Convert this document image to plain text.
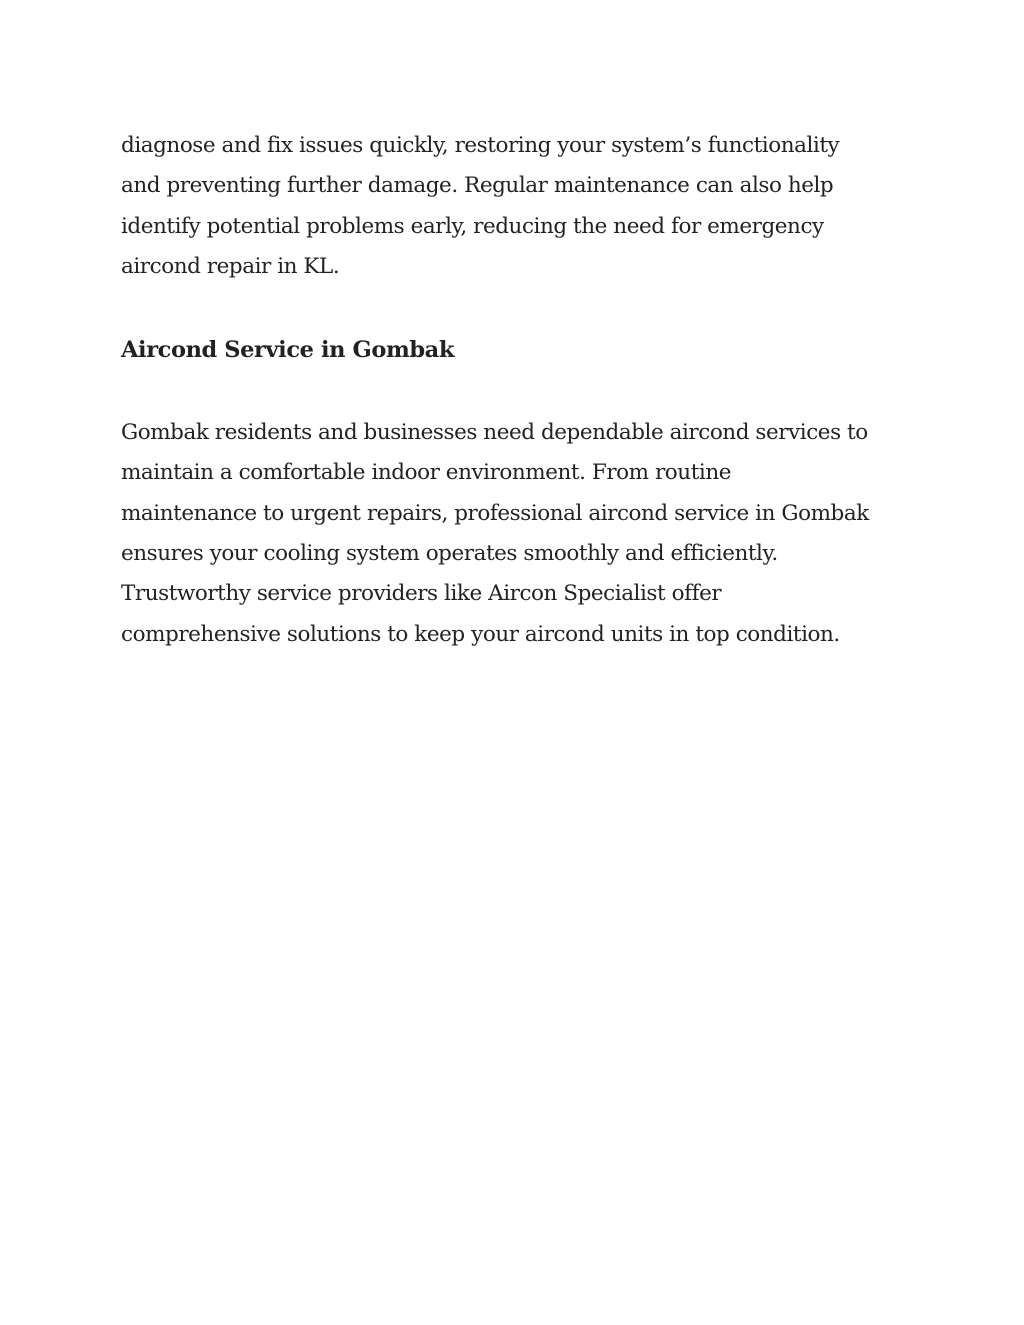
diagnose and fix issues quickly, restoring your system’s functionality
and preventing further damage. Regular maintenance can also help
identify potential problems early, reducing the need for emergency
aircond repair in KL.

Aircond Service in Gombak

Gombak residents and businesses need dependable aircond services to
maintain a comfortable indoor environment. From routine
maintenance to urgent repairs, professional aircond service in Gombak
ensures your cooling system operates smoothly and efficiently.
Trustworthy service providers like Aircon Specialist offer
comprehensive solutions to keep your aircond units in top condition.
